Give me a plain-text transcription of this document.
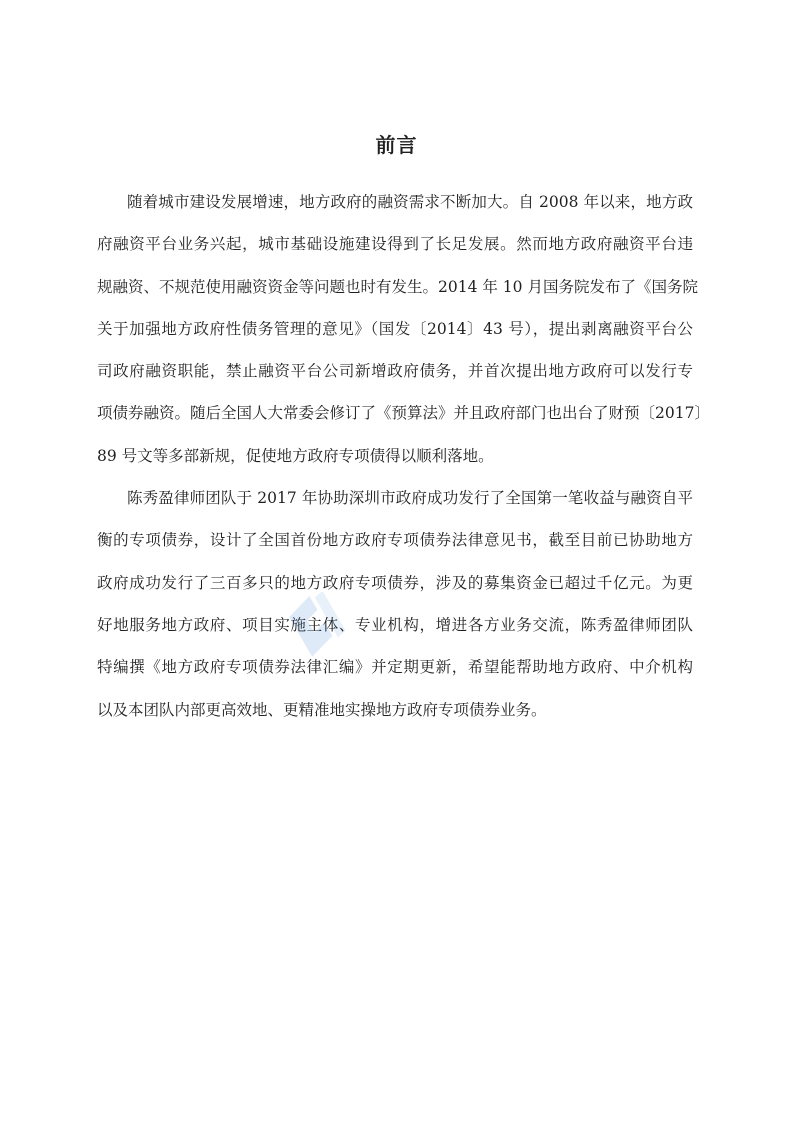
前言
随着城市建设发展增速，地方政府的融资需求不断加大。自 2008 年以来，地方政
府融资平台业务兴起，城市基础设施建设得到了长足发展。然而地方政府融资平台违
规融资、不规范使用融资资金等问题也时有发生。2014 年 10 月国务院发布了《国务院
关于加强地方政府性债务管理的意见》（国发〔2014〕43 号），提出剥离融资平台公
司政府融资职能，禁止融资平台公司新增政府债务，并首次提出地方政府可以发行专
项债券融资。随后全国人大常委会修订了《预算法》并且政府部门也出台了财预〔2017〕
89 号文等多部新规，促使地方政府专项债得以顺利落地。
陈秀盈律师团队于 2017 年协助深圳市政府成功发行了全国第一笔收益与融资自平
衡的专项债券，设计了全国首份地方政府专项债券法律意见书，截至目前已协助地方
政府成功发行了三百多只的地方政府专项债券，涉及的募集资金已超过千亿元。为更
好地服务地方政府、项目实施主体、专业机构，增进各方业务交流，陈秀盈律师团队
特编撰《地方政府专项债券法律汇编》并定期更新，希望能帮助地方政府、中介机构
以及本团队内部更高效地、更精准地实操地方政府专项债券业务。
